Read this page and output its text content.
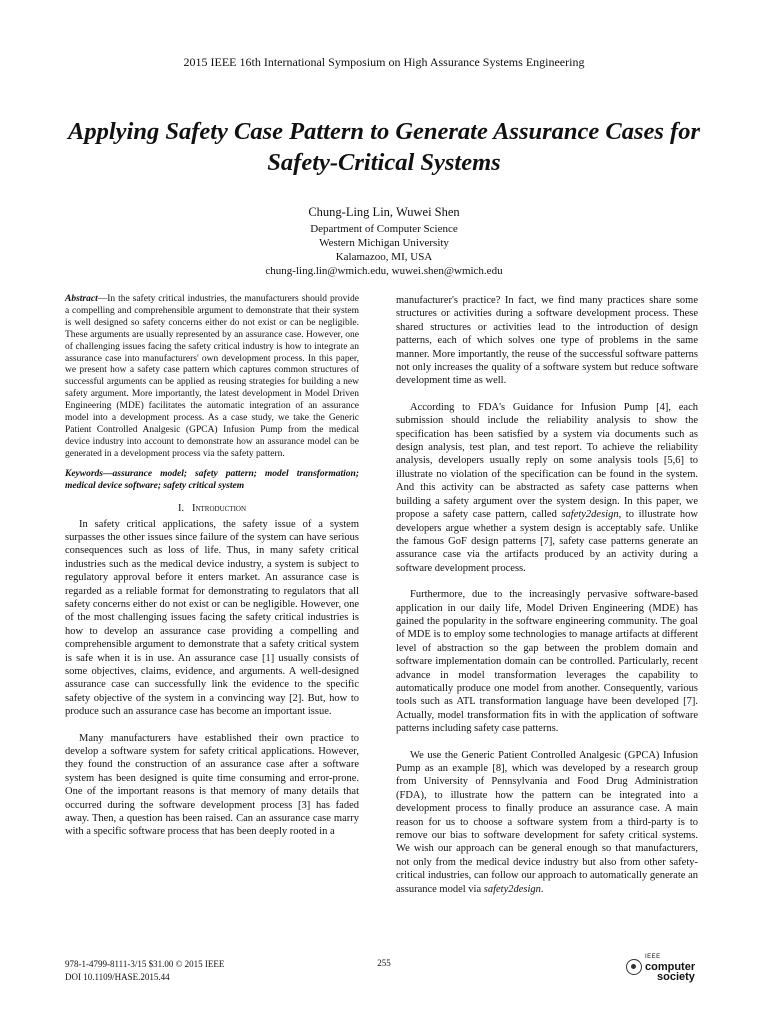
2015 IEEE 16th International Symposium on High Assurance Systems Engineering
Applying Safety Case Pattern to Generate Assurance Cases for Safety-Critical Systems
Chung-Ling Lin, Wuwei Shen
Department of Computer Science
Western Michigan University
Kalamazoo, MI, USA
chung-ling.lin@wmich.edu, wuwei.shen@wmich.edu

Abstract—In the safety critical industries, the manufacturers should provide a compelling and comprehensible argument to demonstrate that their system is well designed so safety concerns either do not exist or can be negligible. These arguments are usually represented by an assurance case. However, one of challenging issues facing the safety critical industry is how to integrate an assurance case into manufacturers' own development process. In this paper, we present how a safety case pattern which captures common structures of successful arguments can be applied as reusing strategies for building a new safety argument. More importantly, the latest development in Model Driven Engineering (MDE) facilitates the automatic integration of an assurance model into a development process. As a case study, we take the Generic Patient Controlled Analgesic (GPCA) Infusion Pump from the medical device industry into account to demonstrate how an assurance model can be generated in a development process via the safety pattern.

Keywords—assurance model; safety pattern; model transformation; medical device software; safety critical system

I. Introduction

In safety critical applications, the safety issue of a system surpasses the other issues since failure of the system can have serious consequences such as loss of life. Thus, in many safety critical industries such as the medical device industry, a system is subject to regulatory approval before it enters market. An assurance case is regarded as a reliable format for demonstrating to regulators that all safety concerns either do not exist or can be negligible. However, one of the most challenging issues facing the safety critical industries is how to develop an assurance case providing a compelling and comprehensible argument to demonstrate that a safety critical system is safe when it is in use. An assurance case [1] usually consists of some objectives, claims, evidence, and arguments. A well-designed assurance case can successfully link the evidence to the specific safety objective of the system in a convincing way [2]. But, how to produce such an assurance case has become an important issue.

Many manufacturers have established their own practice to develop a software system for safety critical applications. However, they found the construction of an assurance case after a software system has been designed is quite time consuming and error-prone. One of the important reasons is that memory of many details that occurred during the software development process [3] has faded away. Then, a question has been raised. Can an assurance case marry with a specific software process that has been deeply rooted in a

manufacturer's practice? In fact, we find many practices share some structures or activities during a software development process. These shared structures or activities lead to the introduction of design patterns, each of which solves one type of problems in the same manner. More importantly, the reuse of the successful software patterns not only increases the quality of a software system but reduce software development time as well.

According to FDA's Guidance for Infusion Pump [4], each submission should include the reliability analysis to show the specification has been satisfied by a system via documents such as design analysis, test plan, and test report. To achieve the reliability analysis, developers usually reply on some analysis tools [5,6] to illustrate no violation of the specification can be found in the system. And this activity can be abstracted as safety case patterns when building a safety argument over the system design. In this paper, we propose a safety case pattern, called safety2design, to illustrate how developers argue whether a system design is acceptably safe. Unlike the famous GoF design patterns [7], safety case patterns generate an assurance case via the artifacts produced by an activity during a software development process.

Furthermore, due to the increasingly pervasive software-based application in our daily life, Model Driven Engineering (MDE) has gained the popularity in the software engineering community. The goal of MDE is to employ some technologies to manage artifacts at different level of abstraction so the gap between the problem domain and software implementation domain can be controlled. Particularly, recent advance in model transformation leverages the capability to automatically produce one model from another. Consequently, various tools such as ATL transformation language have been developed [7]. Actually, model transformation fits in with the application of software patterns including safety case patterns.

We use the Generic Patient Controlled Analgesic (GPCA) Infusion Pump as an example [8], which was developed by a research group from University of Pennsylvania and Food Drug Administration (FDA), to illustrate how the pattern can be integrated into a development process to finally produce an assurance case. A main reason for us to choose a software system from a third-party is to remove our bias to software development for safety critical systems. We wish our approach can be general enough so that manufacturers, not only from the medical device industry but also from other safety-critical industries, can follow our approach to automatically generate an assurance model via safety2design.

978-1-4799-8111-3/15 $31.00 © 2015 IEEE
DOI 10.1109/HASE.2015.44
255
IEEE
computer
society
